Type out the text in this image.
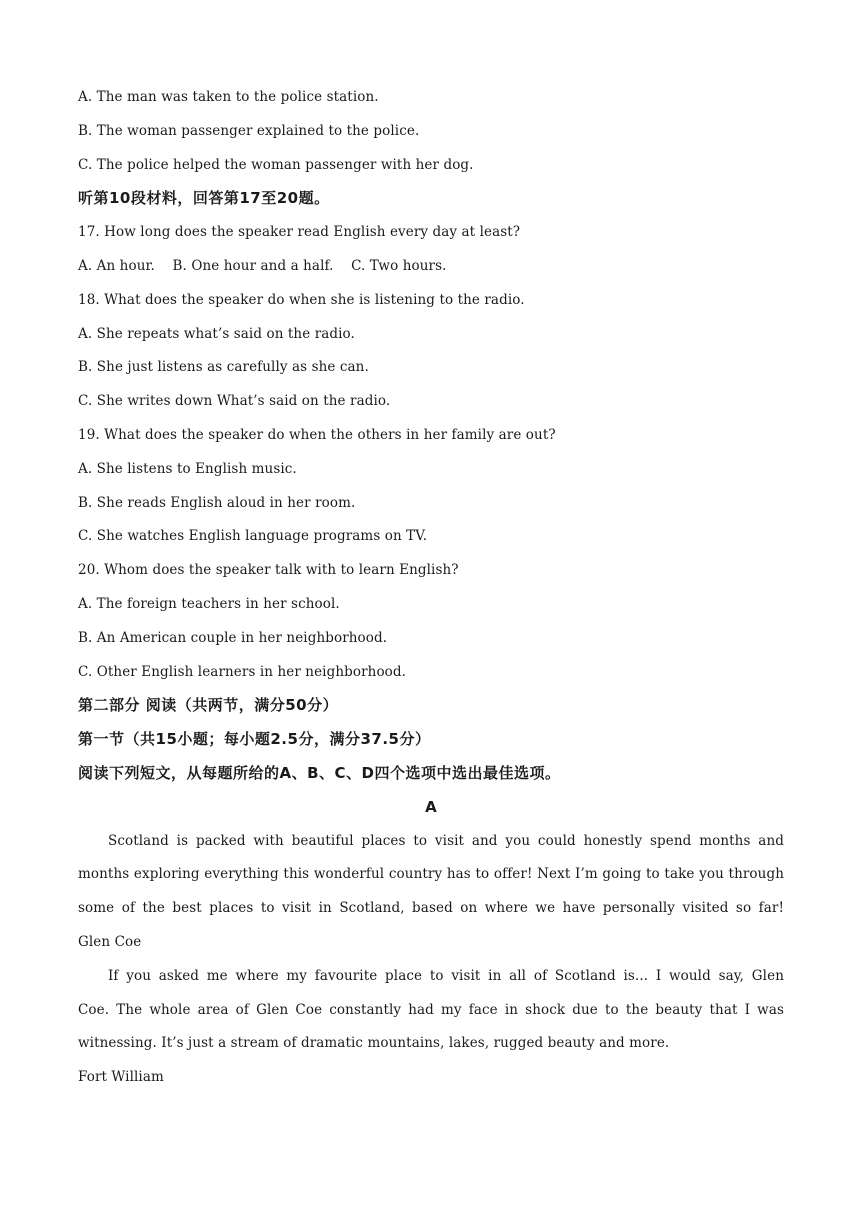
A. The man was taken to the police station.
B. The woman passenger explained to the police.
C. The police helped the woman passenger with her dog.
听第10段材料，回答第17至20题。
17. How long does the speaker read English every day at least?
A. An hour.    B. One hour and a half.    C. Two hours.
18. What does the speaker do when she is listening to the radio.
A. She repeats what’s said on the radio.
B. She just listens as carefully as she can.
C. She writes down What’s said on the radio.
19. What does the speaker do when the others in her family are out?
A. She listens to English music.
B. She reads English aloud in her room.
C. She watches English language programs on TV.
20. Whom does the speaker talk with to learn English?
A. The foreign teachers in her school.
B. An American couple in her neighborhood.
C. Other English learners in her neighborhood.
第二部分 阅读（共两节，满分50分）
第一节（共15小题；每小题2.5分，满分37.5分）
阅读下列短文，从每题所给的A、B、C、D四个选项中选出最佳选项。
A
Scotland is packed with beautiful places to visit and you could honestly spend months and
months exploring everything this wonderful country has to offer! Next I’m going to take you through
some of the best places to visit in Scotland, based on where we have personally visited so far!
Glen Coe
If you asked me where my favourite place to visit in all of Scotland is... I would say, Glen
Coe. The whole area of Glen Coe constantly had my face in shock due to the beauty that I was
witnessing. It’s just a stream of dramatic mountains, lakes, rugged beauty and more.
Fort William
